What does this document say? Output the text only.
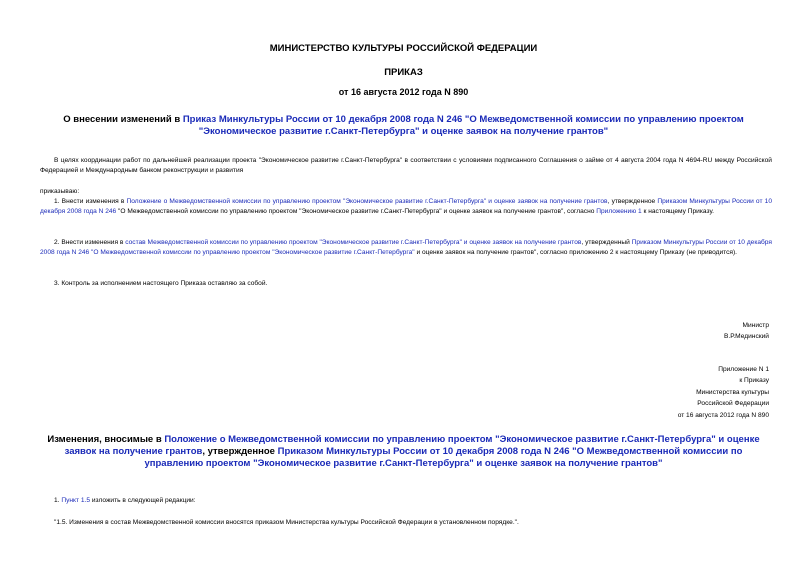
МИНИСТЕРСТВО КУЛЬТУРЫ РОССИЙСКОЙ ФЕДЕРАЦИИ
ПРИКАЗ
от 16 августа 2012 года N 890
О внесении изменений в Приказ Минкультуры России от 10 декабря 2008 года N 246 "О Межведомственной комиссии по управлению проектом "Экономическое развитие г.Санкт-Петербурга" и оценке заявок на получение грантов"
В целях координации работ по дальнейшей реализации проекта "Экономическое развитие г.Санкт-Петербурга" в соответствии с условиями подписанного Соглашения о займе от 4 августа 2004 года N 4694-RU между Российской Федерацией и Международным банком реконструкции и развития
приказываю:
1. Внести изменения в Положение о Межведомственной комиссии по управлению проектом "Экономическое развитие г.Санкт-Петербурга" и оценке заявок на получение грантов, утвержденное Приказом Минкультуры России от 10 декабря 2008 года N 246 "О Межведомственной комиссии по управлению проектом "Экономическое развитие г.Санкт-Петербурга" и оценке заявок на получение грантов", согласно Приложению 1 к настоящему Приказу.
2. Внести изменения в состав Межведомственной комиссии по управлению проектом "Экономическое развитие г.Санкт-Петербурга" и оценке заявок на получение грантов, утвержденный Приказом Минкультуры России от 10 декабря 2008 года N 246 "О Межведомственной комиссии по управлению проектом "Экономическое развитие г.Санкт-Петербурга" и оценке заявок на получение грантов", согласно приложению 2 к настоящему Приказу (не приводится).
3. Контроль за исполнением настоящего Приказа оставляю за собой.
Министр
В.Р.Мединский
Приложение N 1
к Приказу
Министерства культуры
Российской Федерации
от 16 августа 2012 года N 890
Изменения, вносимые в Положение о Межведомственной комиссии по управлению проектом "Экономическое развитие г.Санкт-Петербурга" и оценке заявок на получение грантов, утвержденное Приказом Минкультуры России от 10 декабря 2008 года N 246 "О Межведомственной комиссии по управлению проектом "Экономическое развитие г.Санкт-Петербурга" и оценке заявок на получение грантов"
1. Пункт 1.5 изложить в следующей редакции:
"1.5. Изменения в состав Межведомственной комиссии вносятся приказом Министерства культуры Российской Федерации в установленном порядке.".
